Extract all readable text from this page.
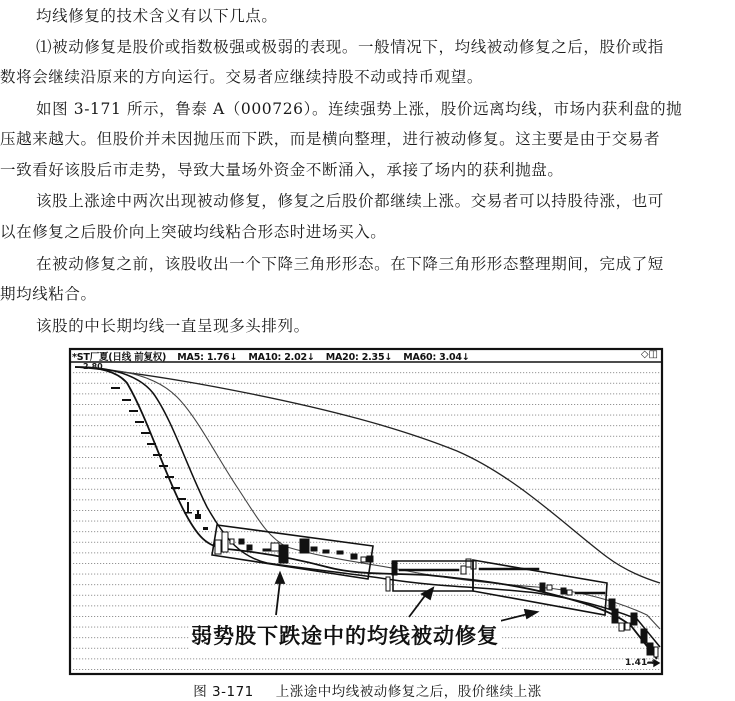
均线修复的技术含义有以下几点。
⑴被动修复是股价或指数极强或极弱的表现。一般情况下，均线被动修复之后，股价或指
数将会继续沿原来的方向运行。交易者应继续持股不动或持币观望。
如图 3-171 所示，鲁泰 A（000726）。连续强势上涨，股价远离均线，市场内获利盘的抛
压越来越大。但股价并未因抛压而下跌，而是横向整理，进行被动修复。这主要是由于交易者
一致看好该股后市走势，导致大量场外资金不断涌入，承接了场内的获利抛盘。
该股上涨途中两次出现被动修复，修复之后股价都继续上涨。交易者可以持股待涨，也可
以在修复之后股价向上突破均线粘合形态时进场买入。
在被动修复之前，该股收出一个下降三角形形态。在下降三角形形态整理期间，完成了短
期均线粘合。
该股的中长期均线一直呈现多头排列。
*ST厂夏(日线 前复权) MA5: 1.76↓ MA10: 2.02↓ MA20: 2.35↓ MA60: 3.04↓	◇◫
2.80
弱势股下跌途中的均线被动修复
1.41→
图 3-171 上涨途中均线被动修复之后，股价继续上涨
